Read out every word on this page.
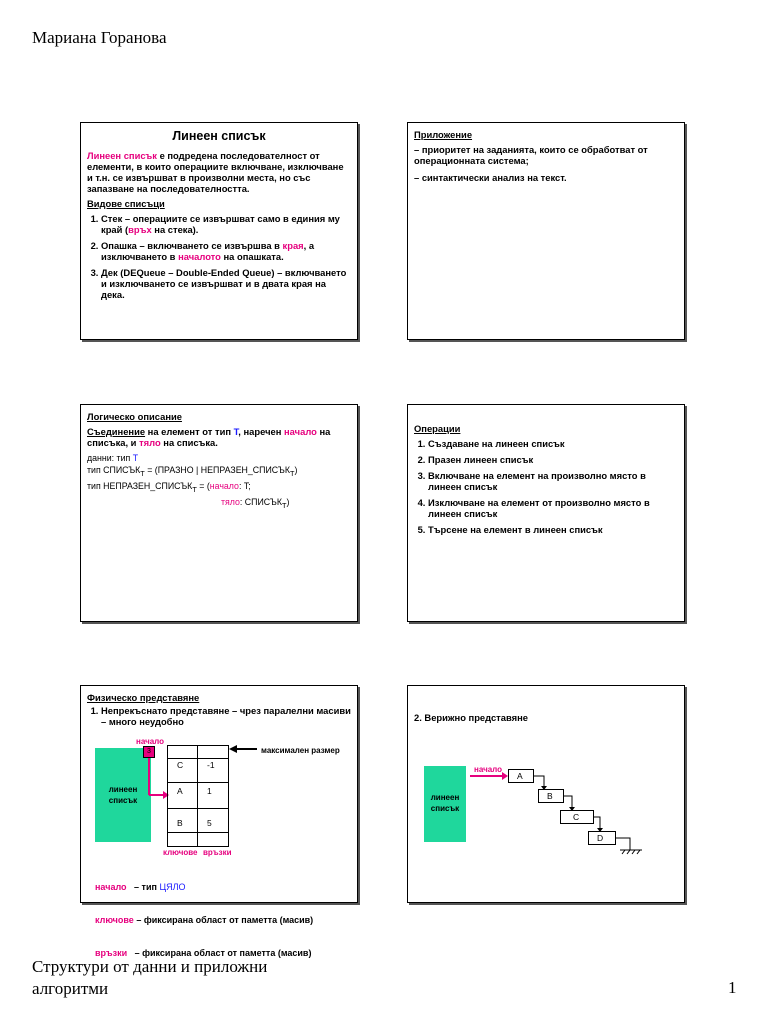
Мариана Горанова
Линеен списък

Линеен списък е подредена последователност от елементи, в които операциите включване, изключване и т.н. се извършват в произволни места, но със запазване на последователността.

Видове списъци
1. Стек – операциите се извършват само в единия му край (връх на стека).
2. Опашка – включването се извършва в края, а изключването в началото на опашката.
3. Дек (DEQueue – Double-Ended Queue) – включването и изключването се извършват и в двата края на дека.
Приложение
– приоритет на заданията, които се обработват от операционната система;
– синтактически анализ на текст.
Логическо описание

Съединение на елемент от тип T, наречен начало на списъка, и тяло на списъка.

данни: тип T
тип $СПИСЪК_T$ = (ПРАЗНО | $НЕПРАЗЕН\_СПИСЪК_T$)
тип $НЕПРАЗЕН\_СПИСЪК_T$ = (начало: T;
тяло: $СПИСЪК_T$)
Операции
1. Създаване на линеен списък
2. Празен линеен списък
3. Включване на елемент на произволно място в линеен списък
4. Изключване на елемент от произволно място в линеен списък
5. Търсене на елемент в линеен списък
Физическо представяне
1. Непрекъснато представяне – чрез паралелни масиви – много неудобно
линеен списък
начало
3	максимален размер
C	-1
A	1
B	5
ключове връзки

начало   – тип ЦЯЛО

ключове – фиксирана област от паметта (масив)

връзки   – фиксирана област от паметта (масив)

2. Верижно представяне
линеен списък
начало
A
B
C
D
Структури от данни и приложни алгоритми	1
